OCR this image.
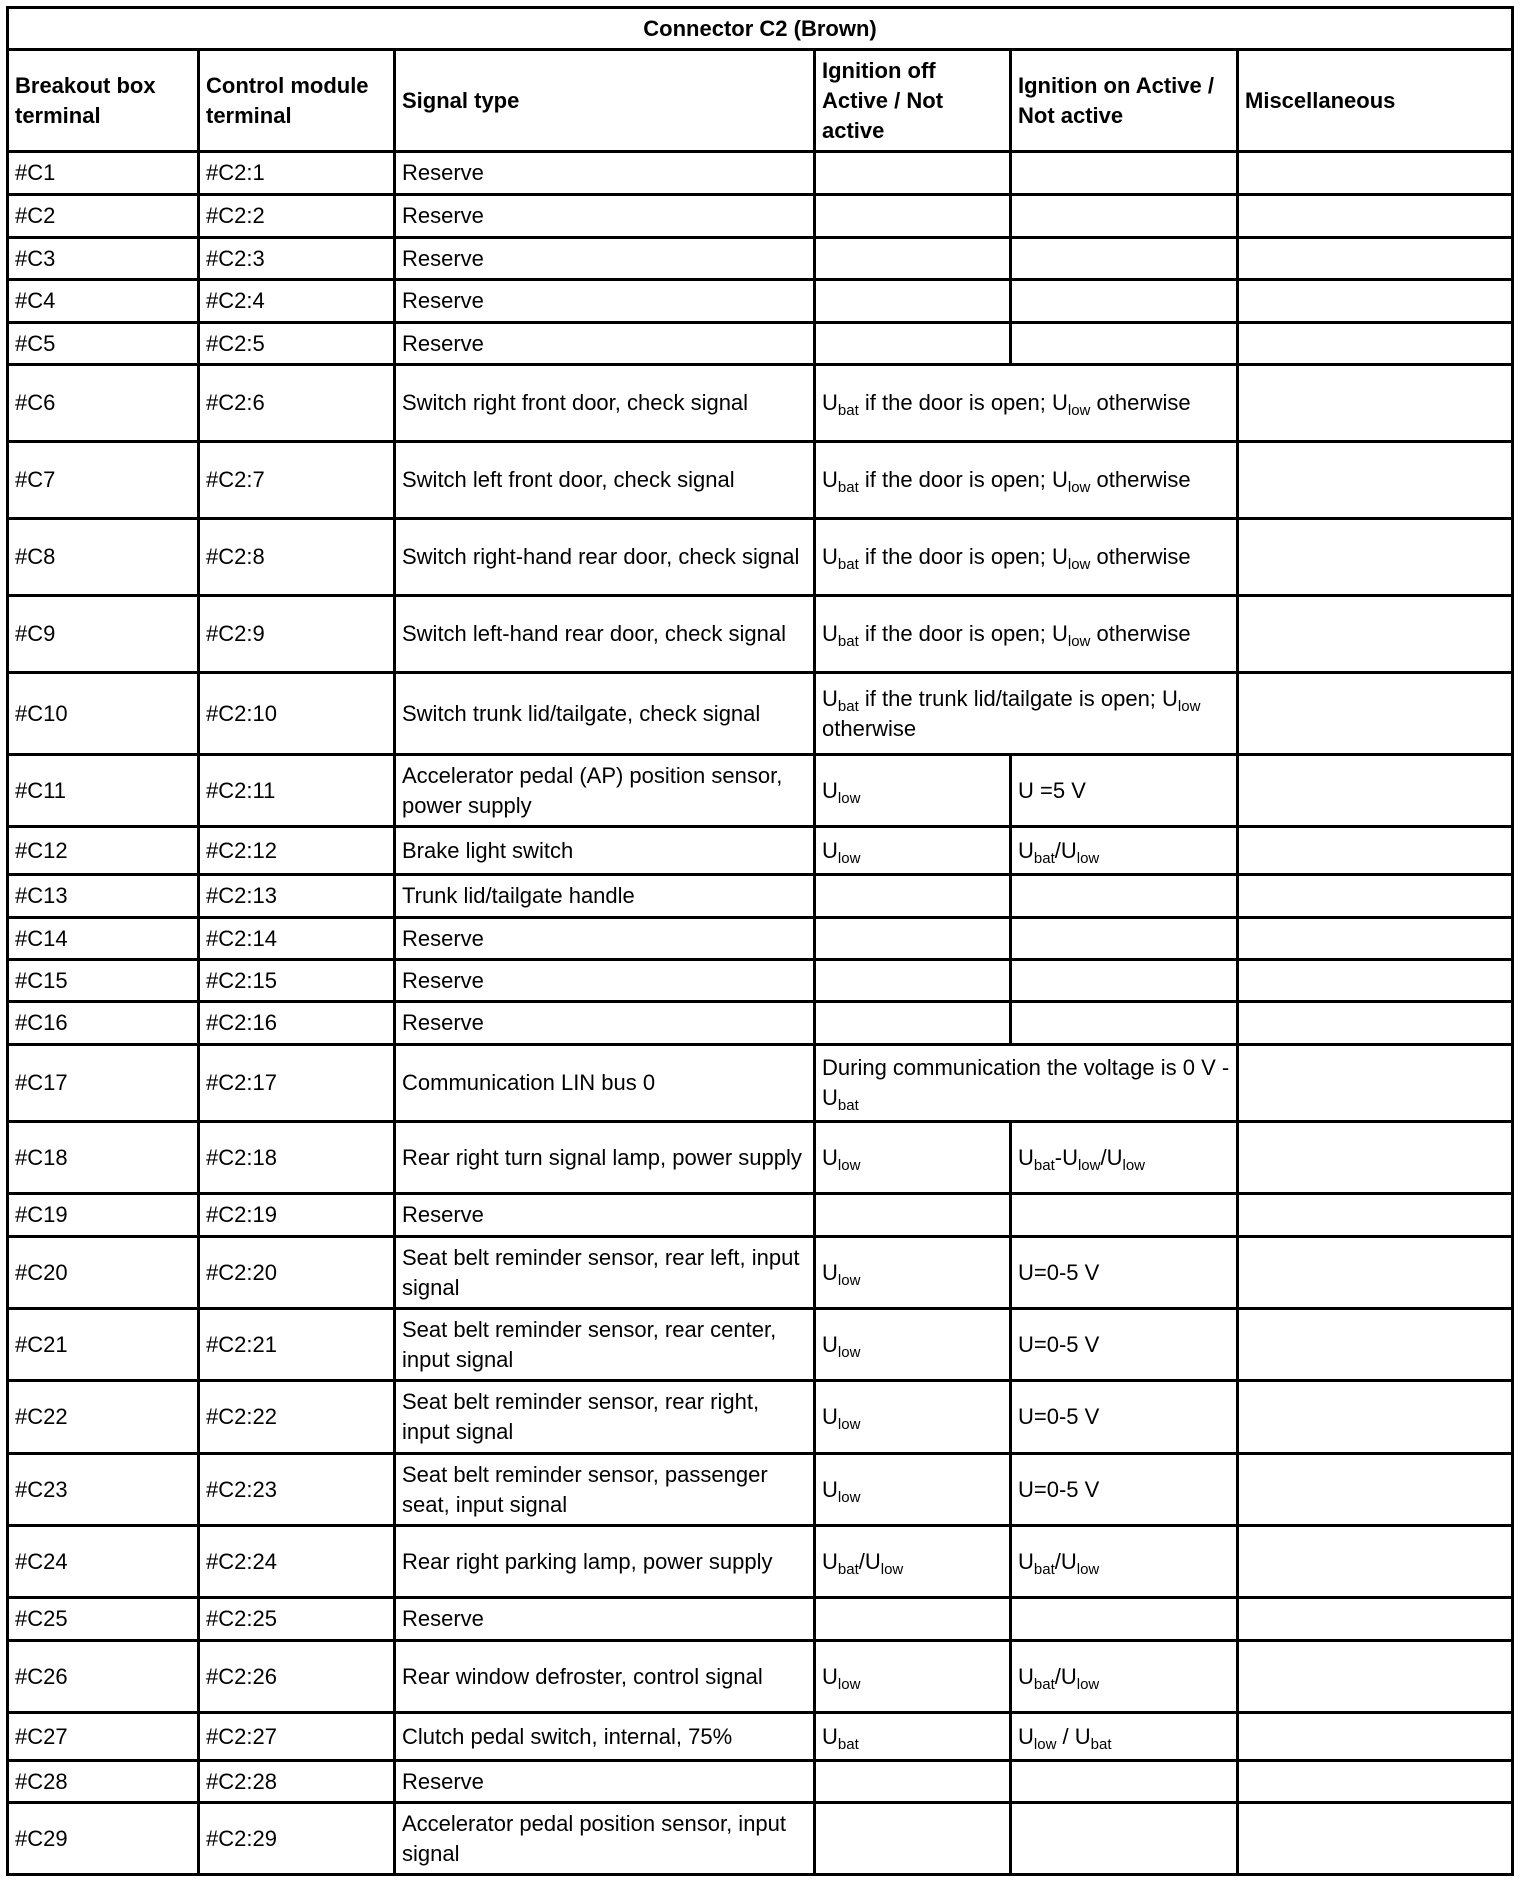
Connector C2 (Brown)					
Breakout box terminal	Control module terminal	Signal type	Ignition off Active / Not active	Ignition on Active / Not active	Miscellaneous
#C1	#C2:1	Reserve			
#C2	#C2:2	Reserve			
#C3	#C2:3	Reserve			
#C4	#C2:4	Reserve			
#C5	#C2:5	Reserve			
#C6	#C2:6	Switch right front door, check signal	$U_{bat}$ if the door is open; $U_{low}$ otherwise		
#C7	#C2:7	Switch left front door, check signal	$U_{bat}$ if the door is open; $U_{low}$ otherwise		
#C8	#C2:8	Switch right-hand rear door, check signal	$U_{bat}$ if the door is open; $U_{low}$ otherwise		
#C9	#C2:9	Switch left-hand rear door, check signal	$U_{bat}$ if the door is open; $U_{low}$ otherwise		
#C10	#C2:10	Switch trunk lid/tailgate, check signal	$U_{bat}$ if the trunk lid/tailgate is open; $U_{low}$ otherwise		
#C11	#C2:11	Accelerator pedal (AP) position sensor, power supply	$U_{low}$	U =5 V	
#C12	#C2:12	Brake light switch	$U_{low}$	$U_{bat}/U_{low}$	
#C13	#C2:13	Trunk lid/tailgate handle			
#C14	#C2:14	Reserve			
#C15	#C2:15	Reserve			
#C16	#C2:16	Reserve			
#C17	#C2:17	Communication LIN bus 0	During communication the voltage is 0 V - $U_{bat}$	
#C18	#C2:18	Rear right turn signal lamp, power supply	$U_{low}$	$U_{bat}-U_{low}/U_{low}$	
#C19	#C2:19	Reserve			
#C20	#C2:20	Seat belt reminder sensor, rear left, input signal	$U_{low}$	U=0-5 V	
#C21	#C2:21	Seat belt reminder sensor, rear center, input signal	$U_{low}$	U=0-5 V	
#C22	#C2:22	Seat belt reminder sensor, rear right, input signal	$U_{low}$	U=0-5 V	
#C23	#C2:23	Seat belt reminder sensor, passenger seat, input signal	$U_{low}$	U=0-5 V	
#C24	#C2:24	Rear right parking lamp, power supply	$U_{bat}/U_{low}$	$U_{bat}/U_{low}$	
#C25	#C2:25	Reserve			
#C26	#C2:26	Rear window defroster, control signal	$U_{low}$	$U_{bat}/U_{low}$	
#C27	#C2:27	Clutch pedal switch, internal, 75%	$U_{bat}$	$U_{low} / U_{bat}$	
#C28	#C2:28	Reserve			
#C29	#C2:29	Accelerator pedal position sensor, input signal			
